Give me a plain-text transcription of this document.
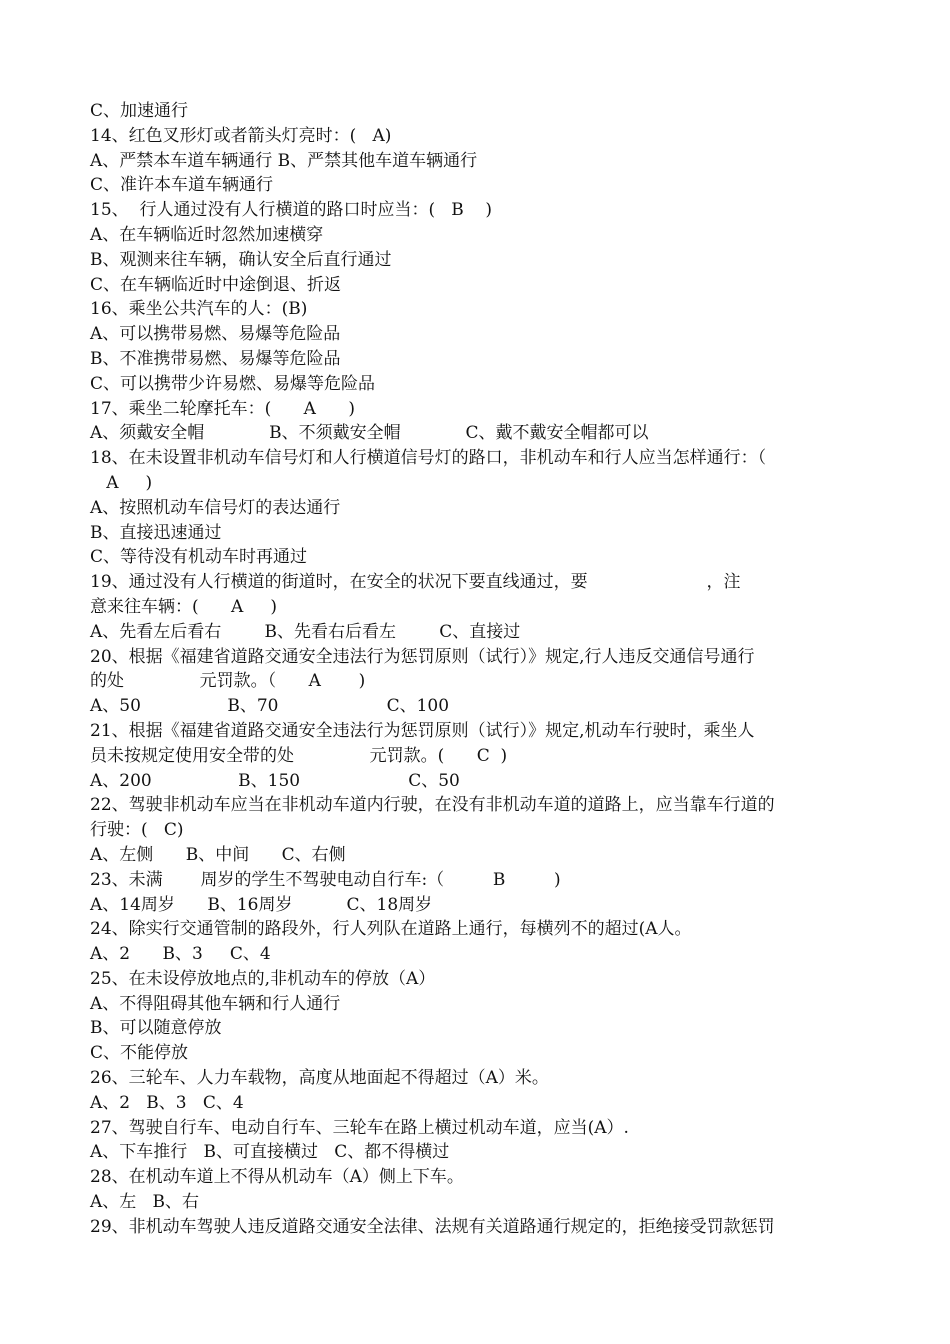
C、加速通行
14、红色叉形灯或者箭头灯亮时：(   A)
A、严禁本车道车辆通行 B、严禁其他车道车辆通行
C、准许本车道车辆通行
15、  行人通过没有人行横道的路口时应当：(   B    )
A、在车辆临近时忽然加速横穿
B、观测来往车辆，确认安全后直行通过
C、在车辆临近时中途倒退、折返
16、乘坐公共汽车的人：(B)
A、可以携带易燃、易爆等危险品
B、不准携带易燃、易爆等危险品
C、可以携带少许易燃、易爆等危险品
17、乘坐二轮摩托车：(      A      )
A、须戴安全帽            B、不须戴安全帽            C、戴不戴安全帽都可以
18、在未设置非机动车信号灯和人行横道信号灯的路口，非机动车和行人应当怎样通行：（
A     )
A、按照机动车信号灯的表达通行
B、直接迅速通过
C、等待没有机动车时再通过
19、通过没有人行横道的街道时，在安全的状况下要直线通过，要                      ，注
意来往车辆：(      A     )
A、先看左后看右        B、先看右后看左        C、直接过
20、根据《福建省道路交通安全违法行为惩罚原则（试行）》规定,行人违反交通信号通行
的处              元罚款。（      A       )
A、50                B、70                    C、100
21、根据《福建省道路交通安全违法行为惩罚原则（试行）》规定,机动车行驶时，乘坐人
员未按规定使用安全带的处              元罚款。(      C  )
A、200                B、150                    C、50
22、驾驶非机动车应当在非机动车道内行驶，在没有非机动车道的道路上，应当靠车行道的
行驶：(   C)
A、左侧      B、中间      C、右侧
23、未满       周岁的学生不驾驶电动自行车:（         B         )
A、14周岁      B、16周岁          C、18周岁
24、除实行交通管制的路段外，行人列队在道路上通行，每横列不的超过(A人。
A、2      B、3     C、4
25、在未设停放地点的,非机动车的停放（A）
A、不得阻碍其他车辆和行人通行
B、可以随意停放
C、不能停放
26、三轮车、人力车载物，高度从地面起不得超过（A）米。
A、2   B、3   C、4
27、驾驶自行车、电动自行车、三轮车在路上横过机动车道，应当(A）.
A、下车推行   B、可直接横过   C、都不得横过
28、在机动车道上不得从机动车（A）侧上下车。
A、左   B、右
29、非机动车驾驶人违反道路交通安全法律、法规有关道路通行规定的，拒绝接受罚款惩罚
